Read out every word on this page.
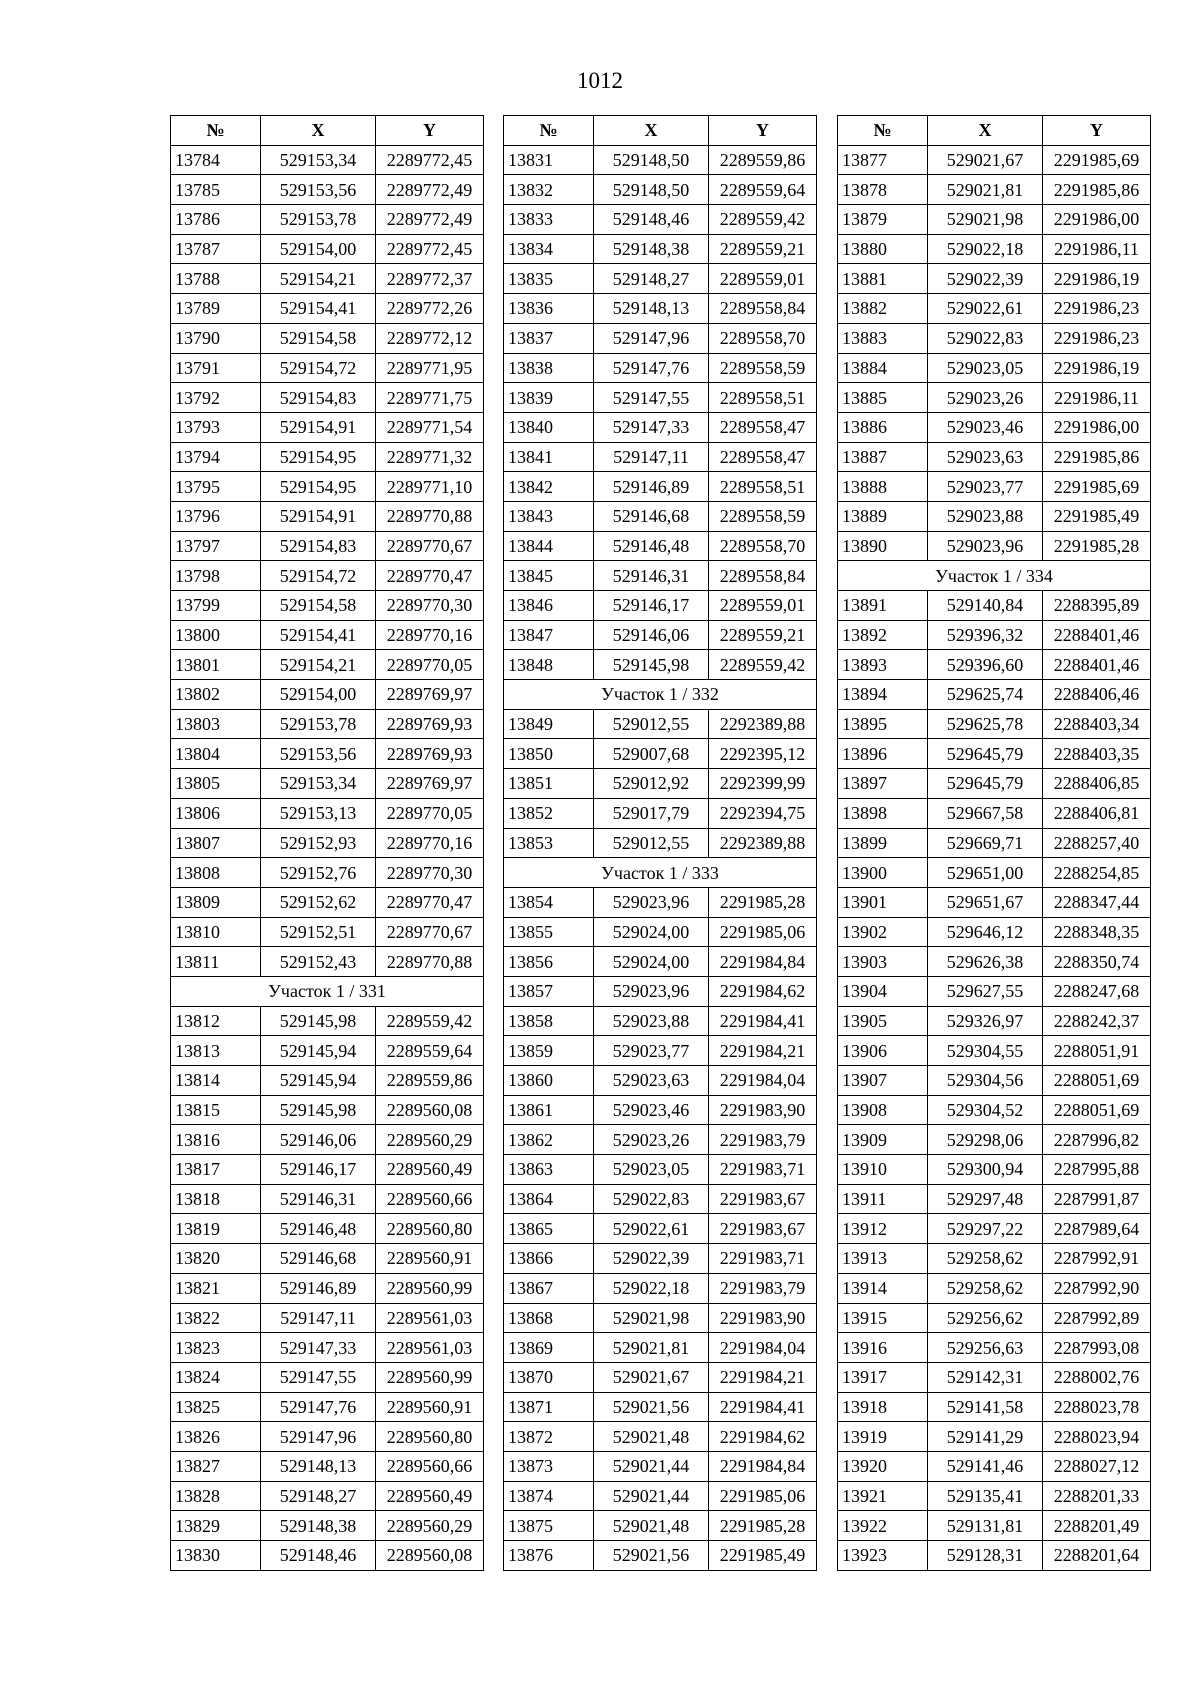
1012
№	X	Y
13784	529153,34	2289772,45
13785	529153,56	2289772,49
13786	529153,78	2289772,49
13787	529154,00	2289772,45
13788	529154,21	2289772,37
13789	529154,41	2289772,26
13790	529154,58	2289772,12
13791	529154,72	2289771,95
13792	529154,83	2289771,75
13793	529154,91	2289771,54
13794	529154,95	2289771,32
13795	529154,95	2289771,10
13796	529154,91	2289770,88
13797	529154,83	2289770,67
13798	529154,72	2289770,47
13799	529154,58	2289770,30
13800	529154,41	2289770,16
13801	529154,21	2289770,05
13802	529154,00	2289769,97
13803	529153,78	2289769,93
13804	529153,56	2289769,93
13805	529153,34	2289769,97
13806	529153,13	2289770,05
13807	529152,93	2289770,16
13808	529152,76	2289770,30
13809	529152,62	2289770,47
13810	529152,51	2289770,67
13811	529152,43	2289770,88
Участок 1 / 331		
13812	529145,98	2289559,42
13813	529145,94	2289559,64
13814	529145,94	2289559,86
13815	529145,98	2289560,08
13816	529146,06	2289560,29
13817	529146,17	2289560,49
13818	529146,31	2289560,66
13819	529146,48	2289560,80
13820	529146,68	2289560,91
13821	529146,89	2289560,99
13822	529147,11	2289561,03
13823	529147,33	2289561,03
13824	529147,55	2289560,99
13825	529147,76	2289560,91
13826	529147,96	2289560,80
13827	529148,13	2289560,66
13828	529148,27	2289560,49
13829	529148,38	2289560,29
13830	529148,46	2289560,08
№	X	Y
13831	529148,50	2289559,86
13832	529148,50	2289559,64
13833	529148,46	2289559,42
13834	529148,38	2289559,21
13835	529148,27	2289559,01
13836	529148,13	2289558,84
13837	529147,96	2289558,70
13838	529147,76	2289558,59
13839	529147,55	2289558,51
13840	529147,33	2289558,47
13841	529147,11	2289558,47
13842	529146,89	2289558,51
13843	529146,68	2289558,59
13844	529146,48	2289558,70
13845	529146,31	2289558,84
13846	529146,17	2289559,01
13847	529146,06	2289559,21
13848	529145,98	2289559,42
Участок 1 / 332		
13849	529012,55	2292389,88
13850	529007,68	2292395,12
13851	529012,92	2292399,99
13852	529017,79	2292394,75
13853	529012,55	2292389,88
Участок 1 / 333		
13854	529023,96	2291985,28
13855	529024,00	2291985,06
13856	529024,00	2291984,84
13857	529023,96	2291984,62
13858	529023,88	2291984,41
13859	529023,77	2291984,21
13860	529023,63	2291984,04
13861	529023,46	2291983,90
13862	529023,26	2291983,79
13863	529023,05	2291983,71
13864	529022,83	2291983,67
13865	529022,61	2291983,67
13866	529022,39	2291983,71
13867	529022,18	2291983,79
13868	529021,98	2291983,90
13869	529021,81	2291984,04
13870	529021,67	2291984,21
13871	529021,56	2291984,41
13872	529021,48	2291984,62
13873	529021,44	2291984,84
13874	529021,44	2291985,06
13875	529021,48	2291985,28
13876	529021,56	2291985,49
№	X	Y
13877	529021,67	2291985,69
13878	529021,81	2291985,86
13879	529021,98	2291986,00
13880	529022,18	2291986,11
13881	529022,39	2291986,19
13882	529022,61	2291986,23
13883	529022,83	2291986,23
13884	529023,05	2291986,19
13885	529023,26	2291986,11
13886	529023,46	2291986,00
13887	529023,63	2291985,86
13888	529023,77	2291985,69
13889	529023,88	2291985,49
13890	529023,96	2291985,28
Участок 1 / 334		
13891	529140,84	2288395,89
13892	529396,32	2288401,46
13893	529396,60	2288401,46
13894	529625,74	2288406,46
13895	529625,78	2288403,34
13896	529645,79	2288403,35
13897	529645,79	2288406,85
13898	529667,58	2288406,81
13899	529669,71	2288257,40
13900	529651,00	2288254,85
13901	529651,67	2288347,44
13902	529646,12	2288348,35
13903	529626,38	2288350,74
13904	529627,55	2288247,68
13905	529326,97	2288242,37
13906	529304,55	2288051,91
13907	529304,56	2288051,69
13908	529304,52	2288051,69
13909	529298,06	2287996,82
13910	529300,94	2287995,88
13911	529297,48	2287991,87
13912	529297,22	2287989,64
13913	529258,62	2287992,91
13914	529258,62	2287992,90
13915	529256,62	2287992,89
13916	529256,63	2287993,08
13917	529142,31	2288002,76
13918	529141,58	2288023,78
13919	529141,29	2288023,94
13920	529141,46	2288027,12
13921	529135,41	2288201,33
13922	529131,81	2288201,49
13923	529128,31	2288201,64
